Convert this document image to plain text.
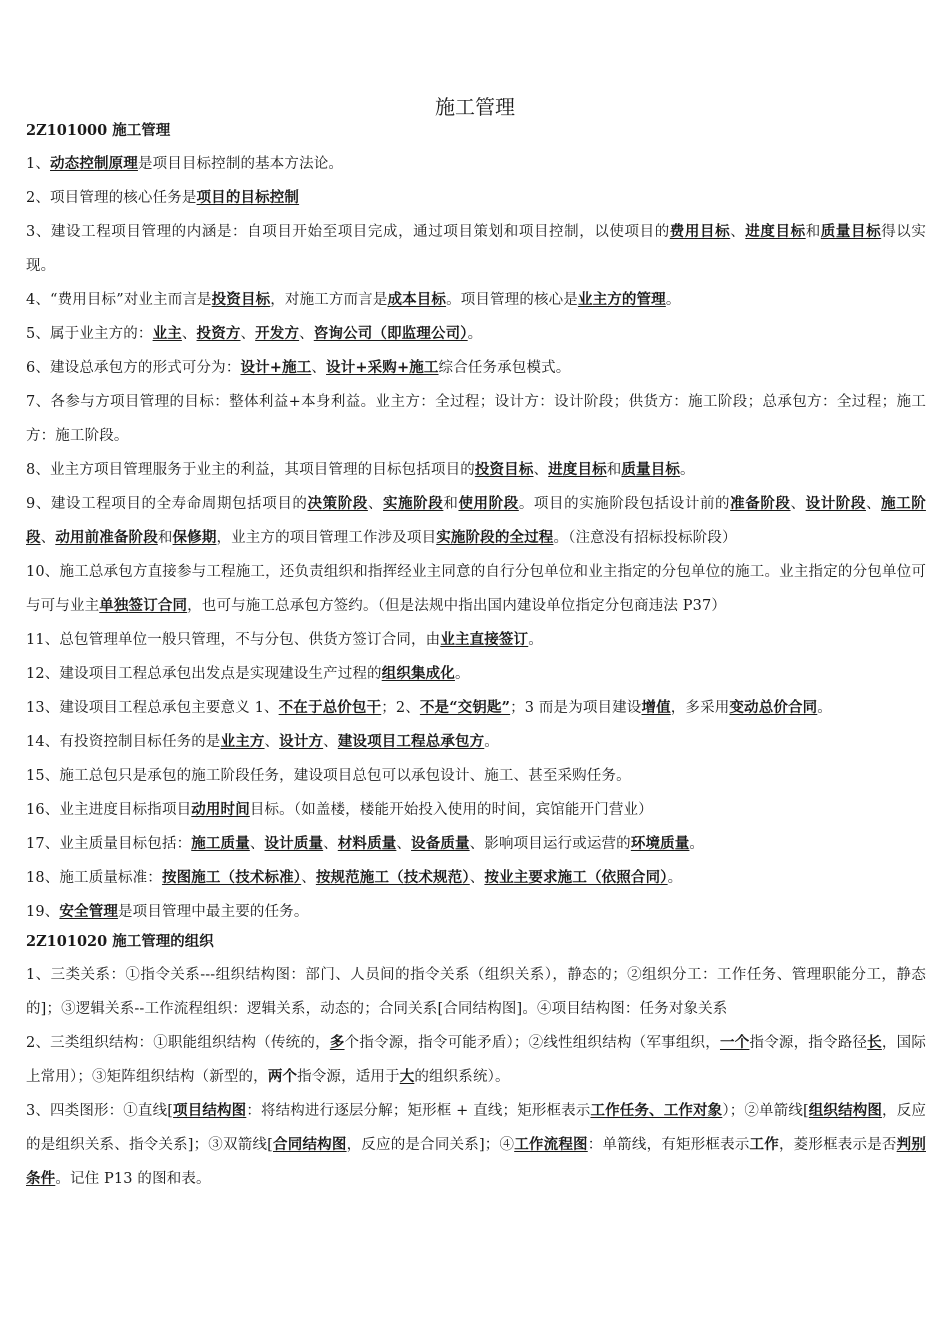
施工管理
2Z101000 施工管理
1、动态控制原理是项目目标控制的基本方法论。
2、项目管理的核心任务是项目的目标控制
3、建设工程项目管理的内涵是：自项目开始至项目完成，通过项目策划和项目控制，以使项目的费用目标、进度目标和质量目标得以实现。
4、“费用目标”对业主而言是投资目标，对施工方而言是成本目标。项目管理的核心是业主方的管理。
5、属于业主方的：业主、投资方、开发方、咨询公司（即监理公司）。
6、建设总承包方的形式可分为：设计+施工、设计+采购+施工综合任务承包模式。
7、各参与方项目管理的目标：整体利益+本身利益。业主方：全过程；设计方：设计阶段；供货方：施工阶段；总承包方：全过程；施工方：施工阶段。
8、业主方项目管理服务于业主的利益，其项目管理的目标包括项目的投资目标、进度目标和质量目标。
9、建设工程项目的全寿命周期包括项目的决策阶段、实施阶段和使用阶段。项目的实施阶段包括设计前的准备阶段、设计阶段、施工阶段、动用前准备阶段和保修期，业主方的项目管理工作涉及项目实施阶段的全过程。（注意没有招标投标阶段）
10、施工总承包方直接参与工程施工，还负责组织和指挥经业主同意的自行分包单位和业主指定的分包单位的施工。业主指定的分包单位可与可与业主单独签订合同，也可与施工总承包方签约。（但是法规中指出国内建设单位指定分包商违法 P37）
11、总包管理单位一般只管理，不与分包、供货方签订合同，由业主直接签订。
12、建设项目工程总承包出发点是实现建设生产过程的组织集成化。
13、建设项目工程总承包主要意义 1、不在于总价包干；2、不是“交钥匙”；3 而是为项目建设增值，多采用变动总价合同。
14、有投资控制目标任务的是业主方、设计方、建设项目工程总承包方。
15、施工总包只是承包的施工阶段任务，建设项目总包可以承包设计、施工、甚至采购任务。
16、业主进度目标指项目动用时间目标。（如盖楼，楼能开始投入使用的时间，宾馆能开门营业）
17、业主质量目标包括：施工质量、设计质量、材料质量、设备质量、影响项目运行或运营的环境质量。
18、施工质量标准：按图施工（技术标准）、按规范施工（技术规范）、按业主要求施工（依照合同）。
19、安全管理是项目管理中最主要的任务。
2Z101020 施工管理的组织
1、三类关系：①指令关系---组织结构图：部门、人员间的指令关系（组织关系），静态的；②组织分工：工作任务、管理职能分工，静态的]；③逻辑关系--工作流程组织：逻辑关系，动态的；合同关系[合同结构图]。④项目结构图：任务对象关系
2、三类组织结构：①职能组织结构（传统的，多个指令源，指令可能矛盾）；②线性组织结构（军事组织，一个指令源，指令路径长，国际上常用）；③矩阵组织结构（新型的，两个指令源，适用于大的组织系统）。
3、四类图形：①直线[项目结构图：将结构进行逐层分解；矩形框 + 直线；矩形框表示工作任务、工作对象）；②单箭线[组织结构图，反应的是组织关系、指令关系]；③双箭线[合同结构图，反应的是合同关系]；④工作流程图：单箭线，有矩形框表示工作，菱形框表示是否判别条件。记住 P13 的图和表。
